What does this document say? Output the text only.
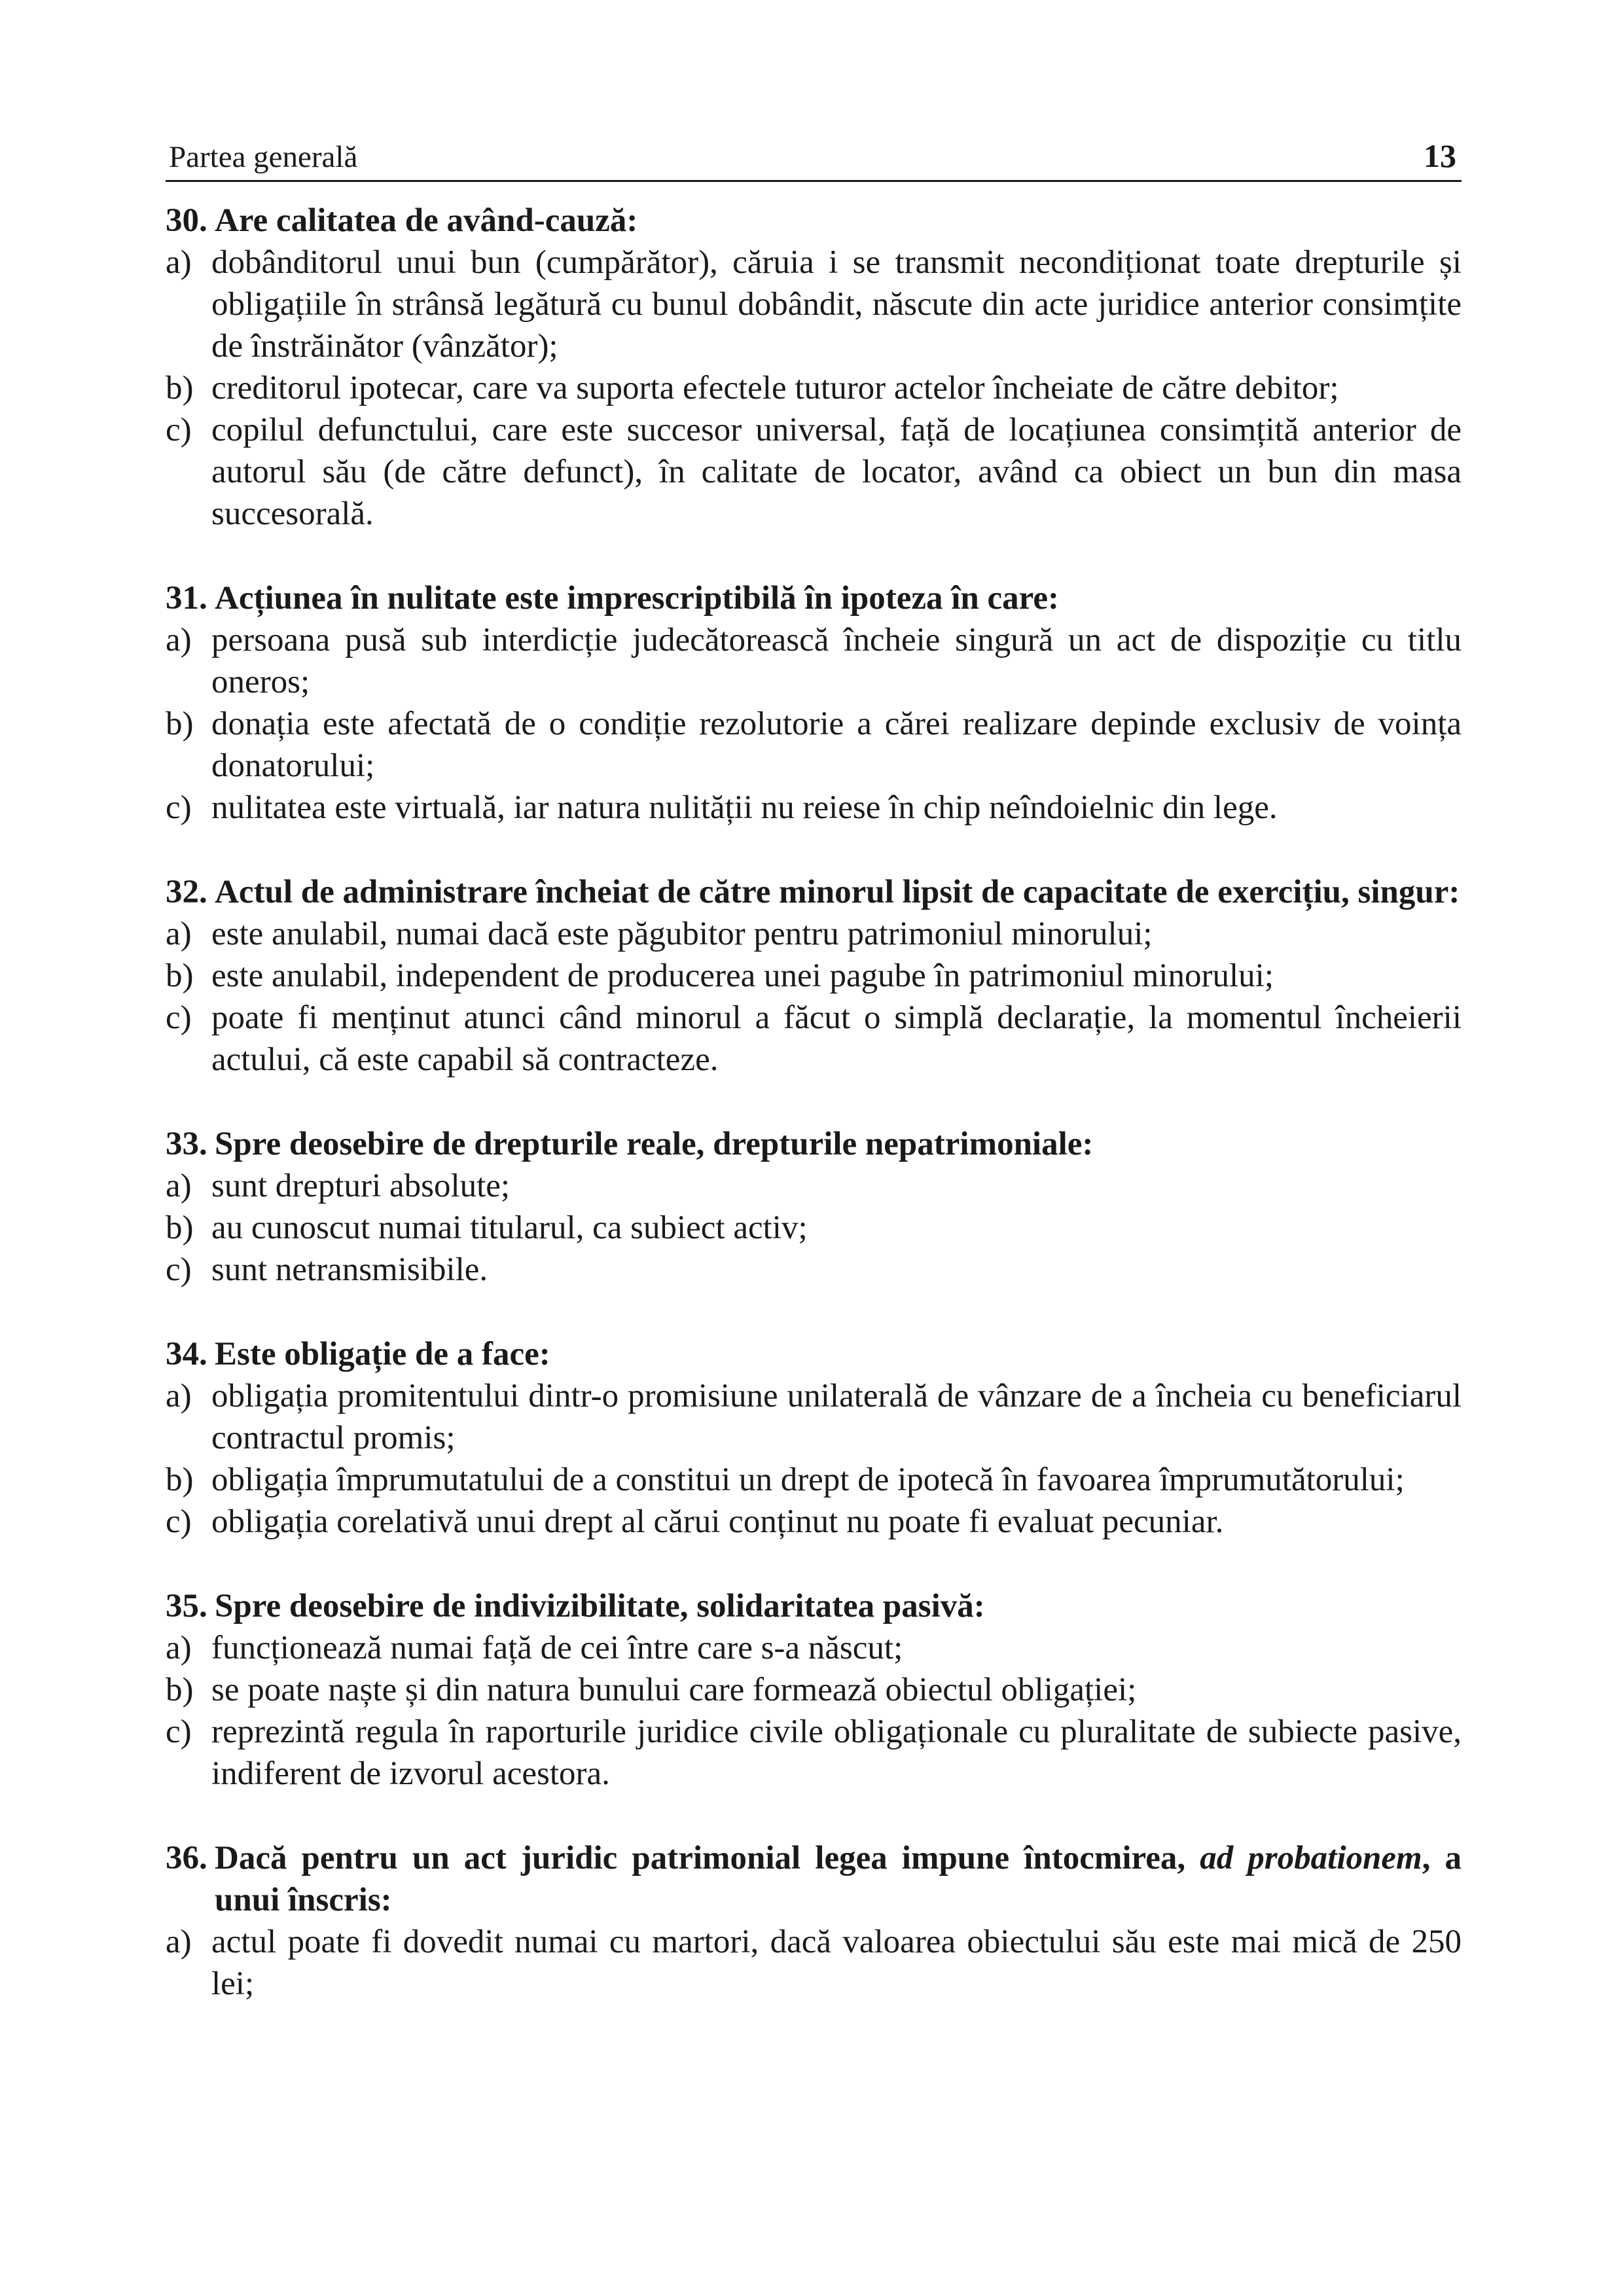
Partea generală	13
30. Are calitatea de având-cauză:
a) dobânditorul unui bun (cumpărător), căruia i se transmit necondiționat toate drepturile și obligațiile în strânsă legătură cu bunul dobândit, născute din acte juridice anterior consimțite de înstrăinător (vânzător);
b) creditorul ipotecar, care va suporta efectele tuturor actelor încheiate de către debitor;
c) copilul defunctului, care este succesor universal, față de locațiunea consimțită anterior de autorul său (de către defunct), în calitate de locator, având ca obiect un bun din masa succesorală.
31. Acțiunea în nulitate este imprescriptibilă în ipoteza în care:
a) persoana pusă sub interdicție judecătorească încheie singură un act de dispoziție cu titlu oneros;
b) donația este afectată de o condiție rezolutorie a cărei realizare depinde exclusiv de voința donatorului;
c) nulitatea este virtuală, iar natura nulității nu reiese în chip neîndoielnic din lege.
32. Actul de administrare încheiat de către minorul lipsit de capacitate de exercițiu, singur:
a) este anulabil, numai dacă este păgubitor pentru patrimoniul minorului;
b) este anulabil, independent de producerea unei pagube în patrimoniul minorului;
c) poate fi menținut atunci când minorul a făcut o simplă declarație, la momentul încheierii actului, că este capabil să contracteze.
33. Spre deosebire de drepturile reale, drepturile nepatrimoniale:
a) sunt drepturi absolute;
b) au cunoscut numai titularul, ca subiect activ;
c) sunt netransmisibile.
34. Este obligație de a face:
a) obligația promitentului dintr-o promisiune unilaterală de vânzare de a încheia cu beneficiarul contractul promis;
b) obligația împrumutatului de a constitui un drept de ipotecă în favoarea împrumutătorului;
c) obligația corelativă unui drept al cărui conținut nu poate fi evaluat pecuniar.
35. Spre deosebire de indivizibilitate, solidaritatea pasivă:
a) funcționează numai față de cei între care s-a născut;
b) se poate naște și din natura bunului care formează obiectul obligației;
c) reprezintă regula în raporturile juridice civile obligaționale cu pluralitate de subiecte pasive, indiferent de izvorul acestora.
36. Dacă pentru un act juridic patrimonial legea impune întocmirea, ad probationem, a unui înscris:
a) actul poate fi dovedit numai cu martori, dacă valoarea obiectului său este mai mică de 250 lei;
